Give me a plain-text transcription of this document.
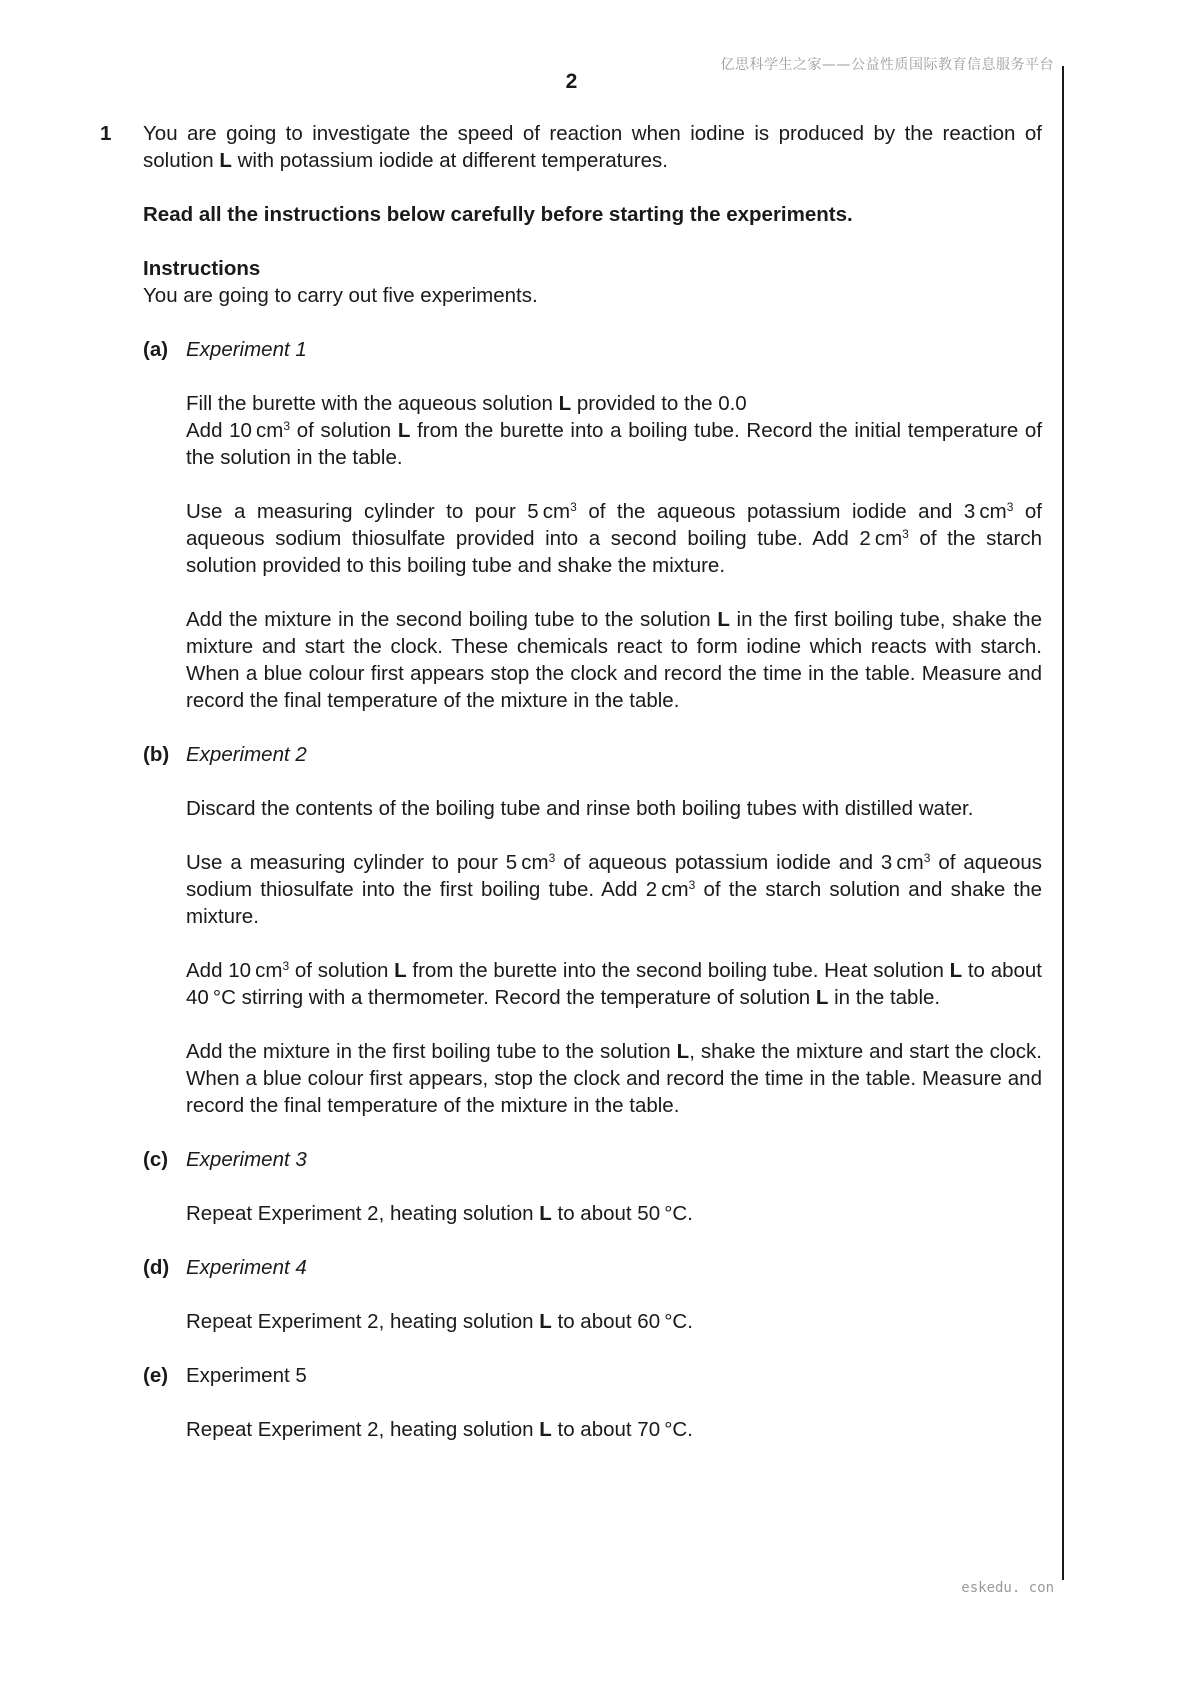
亿思科学生之家——公益性质国际教育信息服务平台
2
eskedu. con
1 You are going to investigate the speed of reaction when iodine is produced by the reaction of solution L with potassium iodide at different temperatures.

Read all the instructions below carefully before starting the experiments.

Instructions

You are going to carry out five experiments.

(a) Experiment 1

Fill the burette with the aqueous solution L provided to the 0.0
Add 10 $cm^3$ of solution L from the burette into a boiling tube. Record the initial temperature of the solution in the table.

Use a measuring cylinder to pour 5 $cm^3$ of the aqueous potassium iodide and 3 $cm^3$ of aqueous sodium thiosulfate provided into a second boiling tube. Add 2 $cm^3$ of the starch solution provided to this boiling tube and shake the mixture.

Add the mixture in the second boiling tube to the solution L in the first boiling tube, shake the mixture and start the clock. These chemicals react to form iodine which reacts with starch. When a blue colour first appears stop the clock and record the time in the table. Measure and record the final temperature of the mixture in the table.

(b) Experiment 2

Discard the contents of the boiling tube and rinse both boiling tubes with distilled water.

Use a measuring cylinder to pour 5 $cm^3$ of aqueous potassium iodide and 3 $cm^3$ of aqueous sodium thiosulfate into the first boiling tube. Add 2 $cm^3$ of the starch solution and shake the mixture.

Add 10 $cm^3$ of solution L from the burette into the second boiling tube. Heat solution L to about 40 °C stirring with a thermometer. Record the temperature of solution L in the table.

Add the mixture in the first boiling tube to the solution L, shake the mixture and start the clock. When a blue colour first appears, stop the clock and record the time in the table. Measure and record the final temperature of the mixture in the table.

(c) Experiment 3

Repeat Experiment 2, heating solution L to about 50 °C.

(d) Experiment 4

Repeat Experiment 2, heating solution L to about 60 °C.

(e) Experiment 5

Repeat Experiment 2, heating solution L to about 70 °C.
